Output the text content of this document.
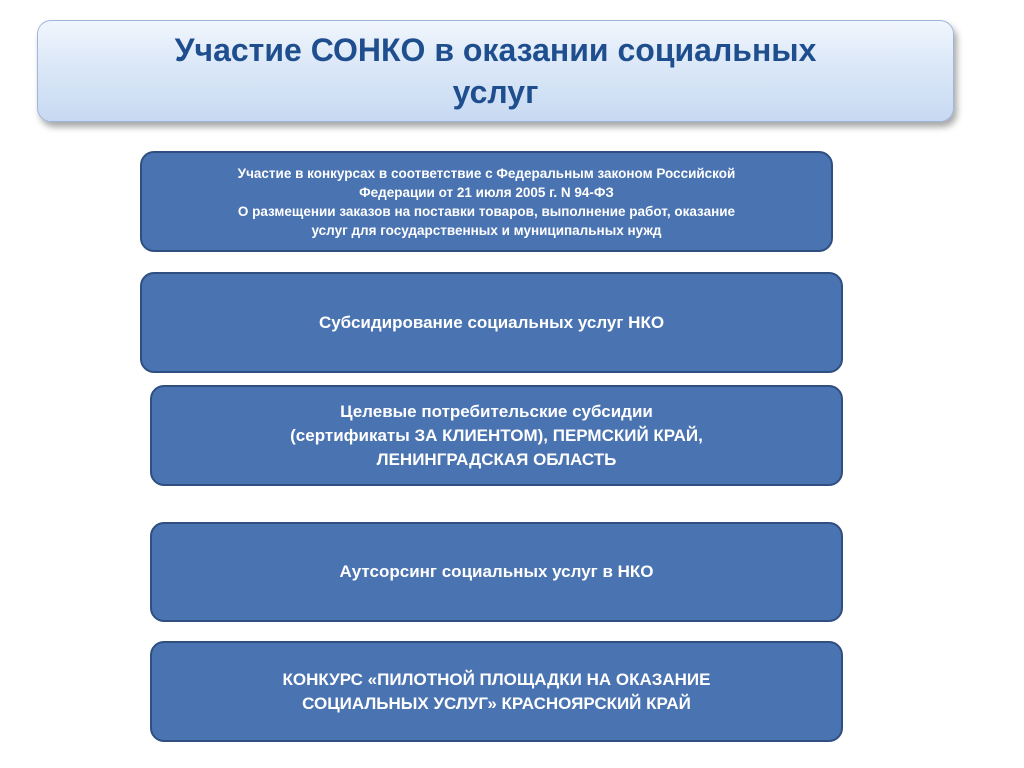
Участие СОНКО в оказании социальных
услуг
Участие в конкурсах в соответствие с Федеральным законом Российской
Федерации от 21 июля 2005 г. N 94-ФЗ
О размещении заказов на поставки товаров, выполнение работ, оказание
услуг для государственных и муниципальных нужд
Субсидирование социальных услуг НКО
Целевые потребительские субсидии
(сертификаты ЗА КЛИЕНТОМ), ПЕРМСКИЙ КРАЙ,
ЛЕНИНГРАДСКАЯ ОБЛАСТЬ
Аутсорсинг социальных услуг в НКО
КОНКУРС «ПИЛОТНОЙ ПЛОЩАДКИ НА ОКАЗАНИЕ
СОЦИАЛЬНЫХ УСЛУГ» КРАСНОЯРСКИЙ КРАЙ
